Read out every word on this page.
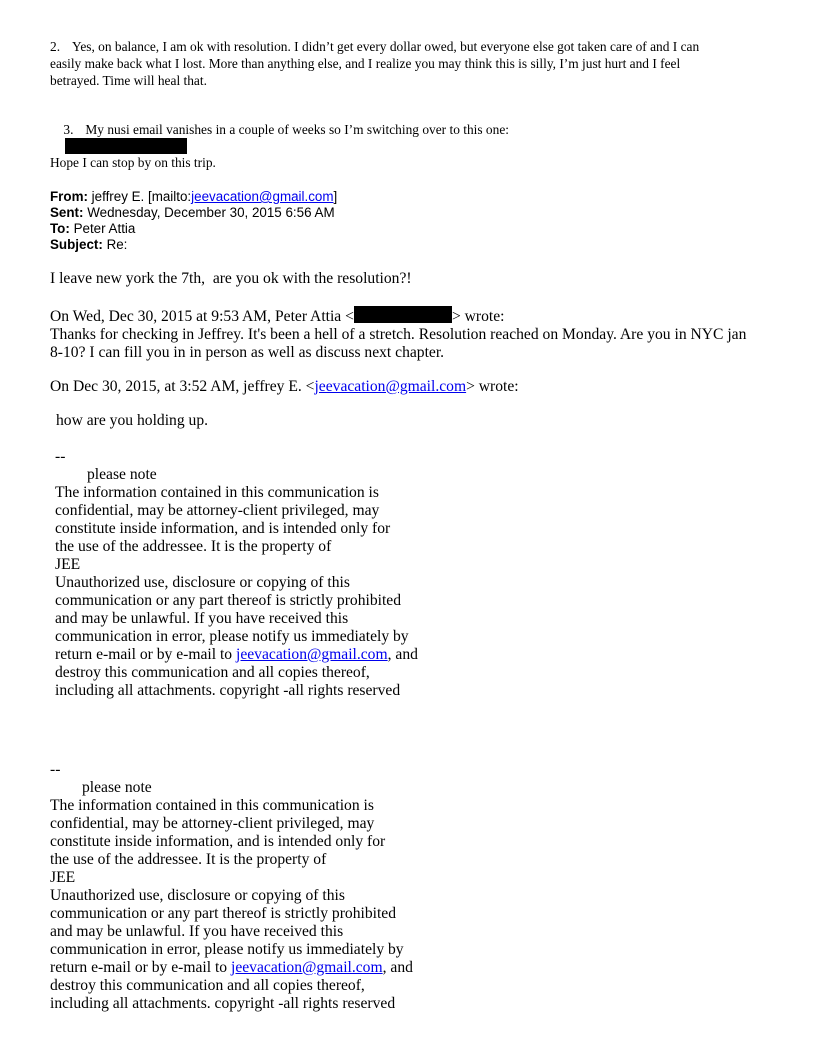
2. Yes, on balance, I am ok with resolution. I didn’t get every dollar owed, but everyone else got taken care of and I can
easily make back what I lost. More than anything else, and I realize you may think this is silly, I’m just hurt and I feel
betrayed. Time will heal that.

3. My nusi email vanishes in a couple of weeks so I’m switching over to this one:

Hope I can stop by on this trip.
From: jeffrey E. [mailto:jeevacation@gmail.com]
Sent: Wednesday, December 30, 2015 6:56 AM
To: Peter Attia
Subject: Re:
I leave new york the 7th,  are you ok with the resolution?!
On Wed, Dec 30, 2015 at 9:53 AM, Peter Attia <	> wrote:
Thanks for checking in Jeffrey. It's been a hell of a stretch. Resolution reached on Monday. Are you in NYC jan
8-10? I can fill you in in person as well as discuss next chapter.
On Dec 30, 2015, at 3:52 AM, jeffrey E. <jeevacation@gmail.com> wrote:
how are you holding up.
--
please note
The information contained in this communication is
confidential, may be attorney-client privileged, may
constitute inside information, and is intended only for
the use of the addressee. It is the property of
JEE
Unauthorized use, disclosure or copying of this
communication or any part thereof is strictly prohibited
and may be unlawful. If you have received this
communication in error, please notify us immediately by
return e-mail or by e-mail to jeevacation@gmail.com, and
destroy this communication and all copies thereof,
including all attachments. copyright -all rights reserved
--
please note
The information contained in this communication is
confidential, may be attorney-client privileged, may
constitute inside information, and is intended only for
the use of the addressee. It is the property of
JEE
Unauthorized use, disclosure or copying of this
communication or any part thereof is strictly prohibited
and may be unlawful. If you have received this
communication in error, please notify us immediately by
return e-mail or by e-mail to jeevacation@gmail.com, and
destroy this communication and all copies thereof,
including all attachments. copyright -all rights reserved
